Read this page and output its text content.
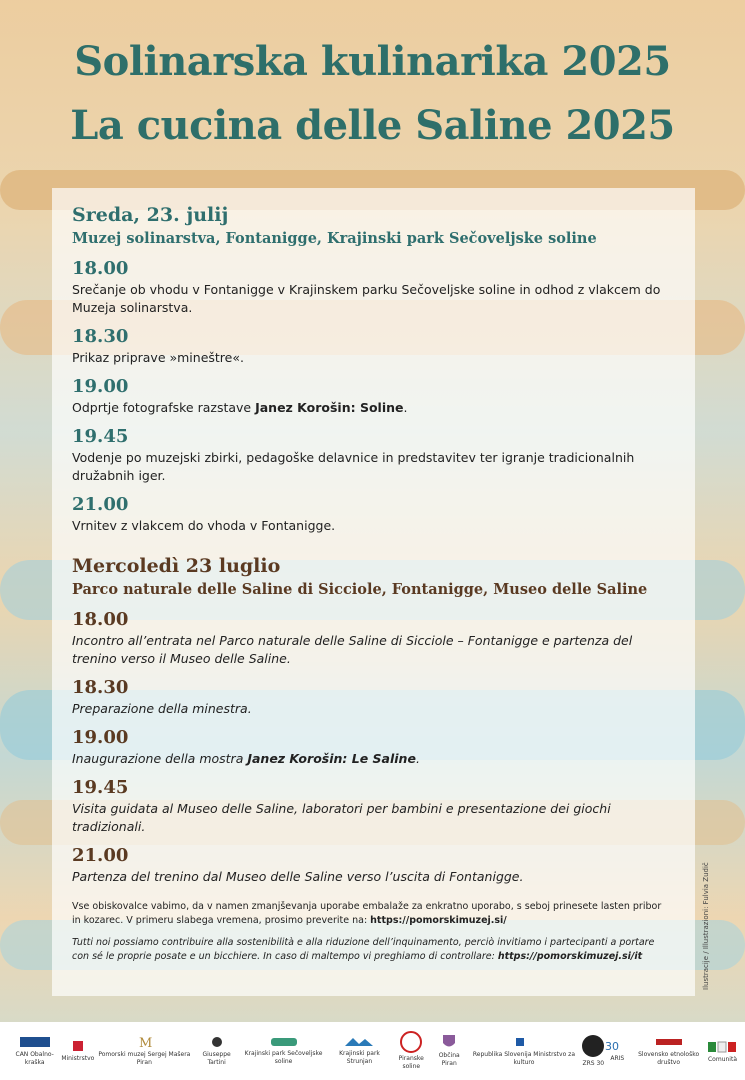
Solinarska kulinarika 2025
La cucina delle Saline 2025

Sreda, 23. julij

Muzej solinarstva, Fontanigge, Krajinski park Sečoveljske soline

18.00

Srečanje ob vhodu v Fontanigge v Krajinskem parku Sečoveljske soline in odhod z vlakcem do Muzeja solinarstva.

18.30

Prikaz priprave »mineštre«.

19.00

Odprtje fotografske razstave Janez Korošin: Soline.

19.45

Vodenje po muzejski zbirki, pedagoške delavnice in predstavitev ter igranje tradicionalnih družabnih iger.

21.00

Vrnitev z vlakcem do vhoda v Fontanigge.

Mercoledì 23 luglio

Parco naturale delle Saline di Sicciole, Fontanigge, Museo delle Saline

18.00

Incontro all’entrata nel Parco naturale delle Saline di Sicciole – Fontanigge e partenza del trenino verso il Museo delle Saline.

18.30

Preparazione della minestra.

19.00

Inaugurazione della mostra Janez Korošin: Le Saline.

19.45

Visita guidata al Museo delle Saline, laboratori per bambini e presentazione dei giochi tradizionali.

21.00

Partenza del trenino dal Museo delle Saline verso l’uscita di Fontanigge.

Vse obiskovalce vabimo, da v namen zmanjševanja uporabe embalaže za enkratno uporabo, s seboj prinesete lasten pribor in kozarec. V primeru slabega vremena, prosimo preverite na: https://pomorskimuzej.si/

Tutti noi possiamo contribuire alla sostenibilità e alla riduzione dell’inquinamento, perciò invitiamo i partecipanti a portare con sé le proprie posate e un bicchiere. In caso di maltempo vi preghiamo di controllare: https://pomorskimuzej.si/it	Ilustracije / Illustrazioni: Fulvia Zudič
CAN Obalno-kraška
Ministrstvo
M
Pomorski muzej Sergej Mašera Piran
Giuseppe Tartini
Krajinski park Sečoveljske soline
Krajinski park Strunjan	Piranske soline
Občina Piran
Republika Slovenija Ministrstvo za kulturo	ZRS 30
30
ARIS
Slovensko etnološko društvo	Comunità
